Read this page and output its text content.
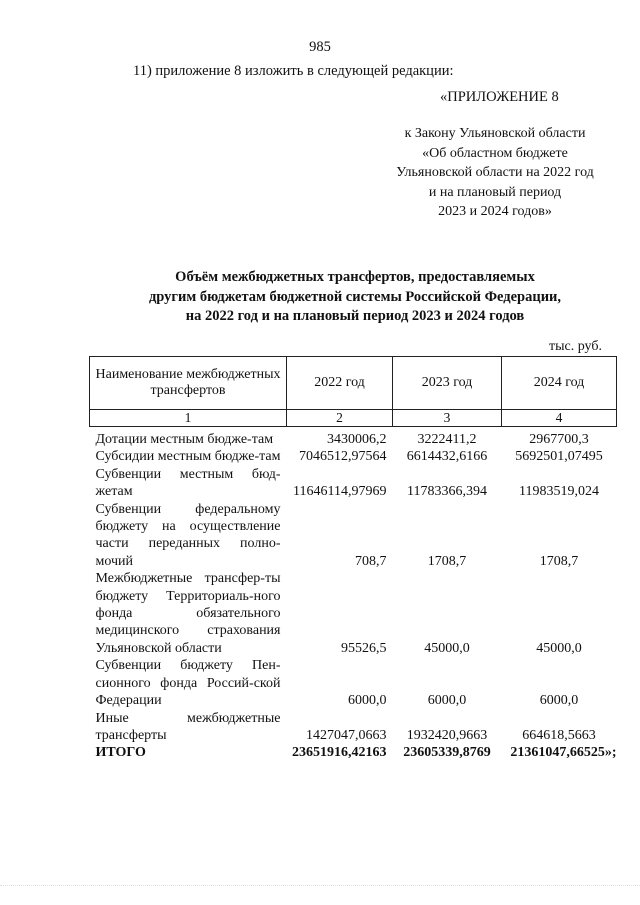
985
11) приложение 8 изложить в следующей редакции:
«ПРИЛОЖЕНИЕ 8
к Закону Ульяновской области
«Об областном бюджете
Ульяновской области на 2022 год
и на плановый период
2023 и 2024 годов»
Объём межбюджетных трансфертов, предоставляемых
другим бюджетам бюджетной системы Российской Федерации,
на 2022 год и на плановый период 2023 и 2024 годов
тыс. руб.
Наименование межбюджетных трансфертов	2022 год	2023 год	2024 год
1	2	3	4
Дотации местным бюдже-там	3430006,2	3222411,2	2967700,3
Субсидии местным бюдже-там	7046512,97564	6614432,6166	5692501,07495
Субвенции местным бюд-жетам	11646114,97969	11783366,394	11983519,024
Субвенции федеральному бюджету на осуществление части переданных полно-мочий	708,7	1708,7	1708,7
Межбюджетные трансфер-ты бюджету Территориаль-ного фонда обязательного медицинского страхования Ульяновской области	95526,5	45000,0	45000,0
Субвенции бюджету Пен-сионного фонда Россий-ской Федерации	6000,0	6000,0	6000,0
Иные межбюджетные трансферты	1427047,0663	1932420,9663	664618,5663
ИТОГО	23651916,42163	23605339,8769	21361047,66525»;
